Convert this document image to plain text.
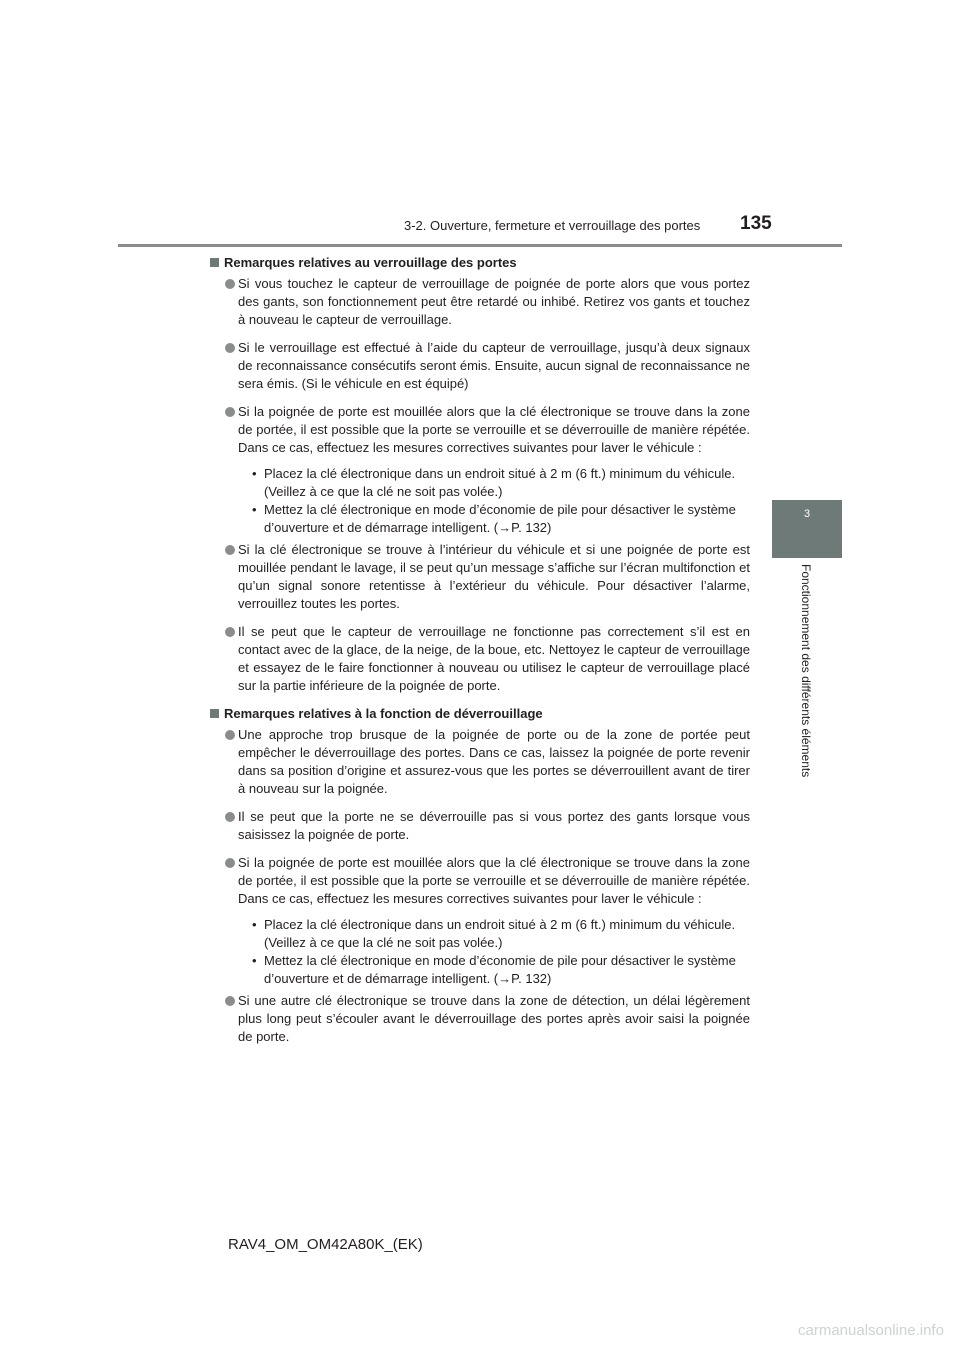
3-2. Ouverture, fermeture et verrouillage des portes 135
3
Fonctionnement des différents éléments
Remarques relatives au verrouillage des portes
Si vous touchez le capteur de verrouillage de poignée de porte alors que vous portez des gants, son fonctionnement peut être retardé ou inhibé. Retirez vos gants et touchez à nouveau le capteur de verrouillage.
Si le verrouillage est effectué à l’aide du capteur de verrouillage, jusqu’à deux signaux de reconnaissance consécutifs seront émis. Ensuite, aucun signal de reconnaissance ne sera émis. (Si le véhicule en est équipé)
Si la poignée de porte est mouillée alors que la clé électronique se trouve dans la zone de portée, il est possible que la porte se verrouille et se déverrouille de manière répétée. Dans ce cas, effectuez les mesures correctives suivantes pour laver le véhicule :
• Placez la clé électronique dans un endroit situé à 2 m (6 ft.) minimum du véhicule. (Veillez à ce que la clé ne soit pas volée.)
• Mettez la clé électronique en mode d’économie de pile pour désactiver le système d’ouverture et de démarrage intelligent. (→P. 132)
Si la clé électronique se trouve à l’intérieur du véhicule et si une poignée de porte est mouillée pendant le lavage, il se peut qu’un message s’affiche sur l’écran multifonction et qu’un signal sonore retentisse à l’extérieur du véhicule. Pour désactiver l’alarme, verrouillez toutes les portes.
Il se peut que le capteur de verrouillage ne fonctionne pas correctement s’il est en contact avec de la glace, de la neige, de la boue, etc. Nettoyez le capteur de verrouillage et essayez de le faire fonctionner à nouveau ou utilisez le capteur de verrouillage placé sur la partie inférieure de la poignée de porte.
Remarques relatives à la fonction de déverrouillage
Une approche trop brusque de la poignée de porte ou de la zone de portée peut empêcher le déverrouillage des portes. Dans ce cas, laissez la poignée de porte revenir dans sa position d’origine et assurez-vous que les portes se déverrouillent avant de tirer à nouveau sur la poignée.
Il se peut que la porte ne se déverrouille pas si vous portez des gants lorsque vous saisissez la poignée de porte.
Si la poignée de porte est mouillée alors que la clé électronique se trouve dans la zone de portée, il est possible que la porte se verrouille et se déverrouille de manière répétée. Dans ce cas, effectuez les mesures correctives suivantes pour laver le véhicule :
• Placez la clé électronique dans un endroit situé à 2 m (6 ft.) minimum du véhicule. (Veillez à ce que la clé ne soit pas volée.)
• Mettez la clé électronique en mode d’économie de pile pour désactiver le système d’ouverture et de démarrage intelligent. (→P. 132)
Si une autre clé électronique se trouve dans la zone de détection, un délai légèrement plus long peut s’écouler avant le déverrouillage des portes après avoir saisi la poignée de porte.
RAV4_OM_OM42A80K_(EK)
carmanualsonline.info
